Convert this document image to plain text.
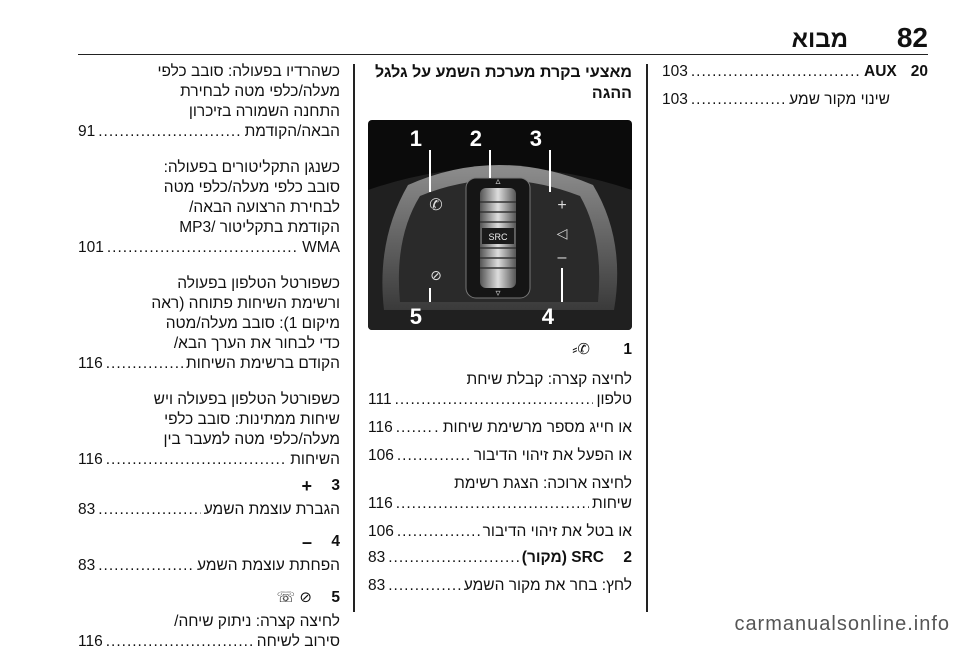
82
מבוא
20
AUX
.....
103
שינוי מקור שמע
.....
103
מאצעי בקרת מערכת השמע על גלגל
ההגה
SRC
▵
▿
✆
⊘
+
◁
–
1 2 3
4
5
1
✆⸗

לחיצה קצרה: קבלת שיחת

טלפון
.....
111
או חייג מספר מרשימת שיחות .
.....
116
או הפעל את זיהוי הדיבור
.....
106

לחיצה ארוכה: הצגת רשימת

שיחות
.....
116
או בטל את זיהוי הדיבור
.....
106
2
SRC (מקור)
.....
83
לחץ: בחר את מקור השמע
.....
83

כשהרדיו בפעולה: סובב כלפי

מעלה/כלפי מטה לבחירת

התחנה השמורה בזיכרון

הבאה/הקודמת
.....
91

כשנגן התקליטורים בפעולה:

סובב כלפי מעלה/כלפי מטה

לבחירת הרצועה הבאה/

הקודמת בתקליטור /MP3

WMA
.....
101

כשפורטל הטלפון בפעולה

ורשימת השיחות פתוחה (ראה

מיקום 1): סובב מעלה/מטה

כדי לבחור את הערך הבא/

הקודם ברשימת השיחות
.....
116

כשפורטל הטלפון בפעולה ויש

שיחות ממתינות: סובב כלפי

מעלה/כלפי מטה למעבר בין

השיחות
.....
116
3
+
הגברת עוצמת השמע
.....
83
4
–
הפחתת עוצמת השמע
.....
83
5
⊘ ☏

לחיצה קצרה: ניתוק שיחה/

סירוב לשיחה
.....
116
carmanualsonline.info
